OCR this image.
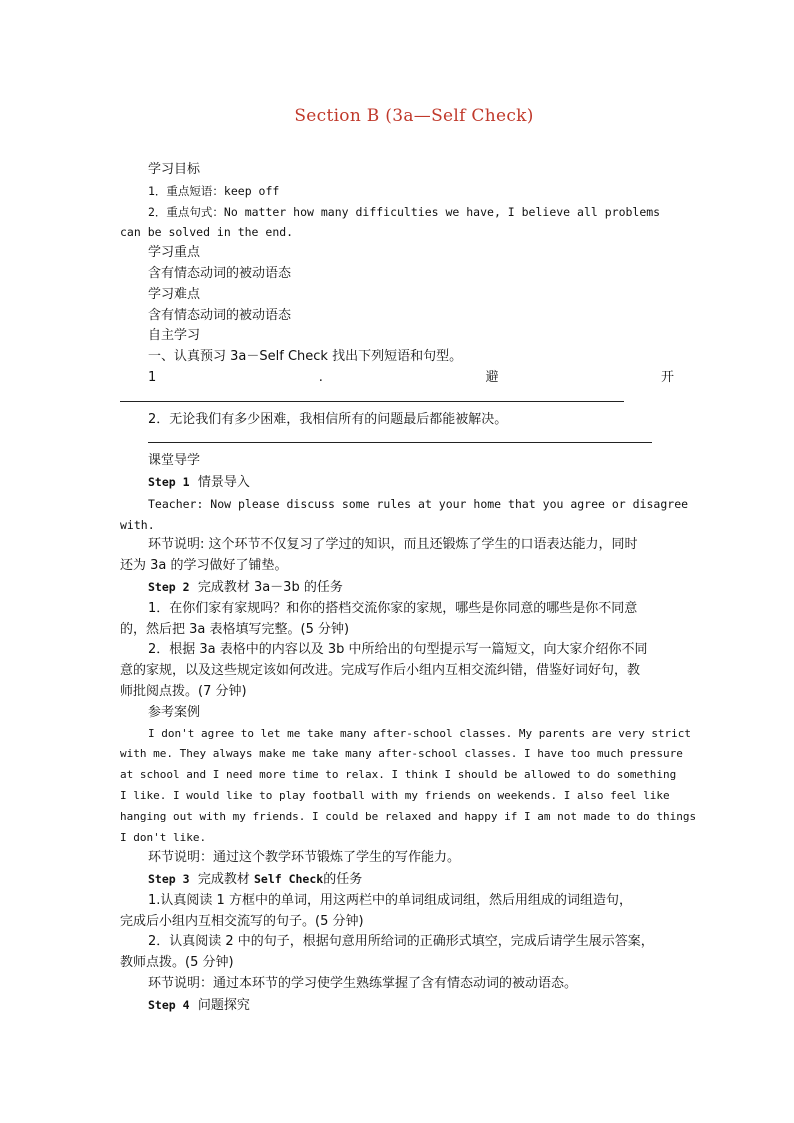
Section B (3a—Self Check)
学习目标
1．重点短语：keep off
2．重点句式：No matter how many difficulties we have, I believe all problems
can be solved in the end.
学习重点
含有情态动词的被动语态
学习难点
含有情态动词的被动语态
自主学习
一、认真预习 3a－Self Check 找出下列短语和句型。
1	.	避	开
2．无论我们有多少困难，我相信所有的问题最后都能被解决。
课堂导学
Step 1 情景导入
Teacher: Now please discuss some rules at your home that you agree or disagree
with.
环节说明: 这个环节不仅复习了学过的知识，而且还锻炼了学生的口语表达能力，同时
还为 3a 的学习做好了铺垫。
Step 2 完成教材 3a－3b 的任务
1．在你们家有家规吗？和你的搭档交流你家的家规，哪些是你同意的哪些是你不同意
的，然后把 3a 表格填写完整。(5 分钟)
2．根据 3a 表格中的内容以及 3b 中所给出的句型提示写一篇短文，向大家介绍你不同
意的家规，以及这些规定该如何改进。完成写作后小组内互相交流纠错，借鉴好词好句，教
师批阅点拨。(7 分钟)
参考案例
I don't agree to let me take many after-school classes. My parents are very strict
with me. They always make me take many after-school classes. I have too much pressure
at school and I need more time to relax. I think I should be allowed to do something
I like. I would like to play football with my friends on weekends. I also feel like
hanging out with my friends. I could be relaxed and happy if I am not made to do things
I don't like.
环节说明：通过这个教学环节锻炼了学生的写作能力。
Step 3 完成教材 Self Check的任务
1.认真阅读 1 方框中的单词，用这两栏中的单词组成词组，然后用组成的词组造句，
完成后小组内互相交流写的句子。(5 分钟)
2．认真阅读 2 中的句子，根据句意用所给词的正确形式填空，完成后请学生展示答案，
教师点拨。(5 分钟)
环节说明：通过本环节的学习使学生熟练掌握了含有情态动词的被动语态。
Step 4 问题探究
